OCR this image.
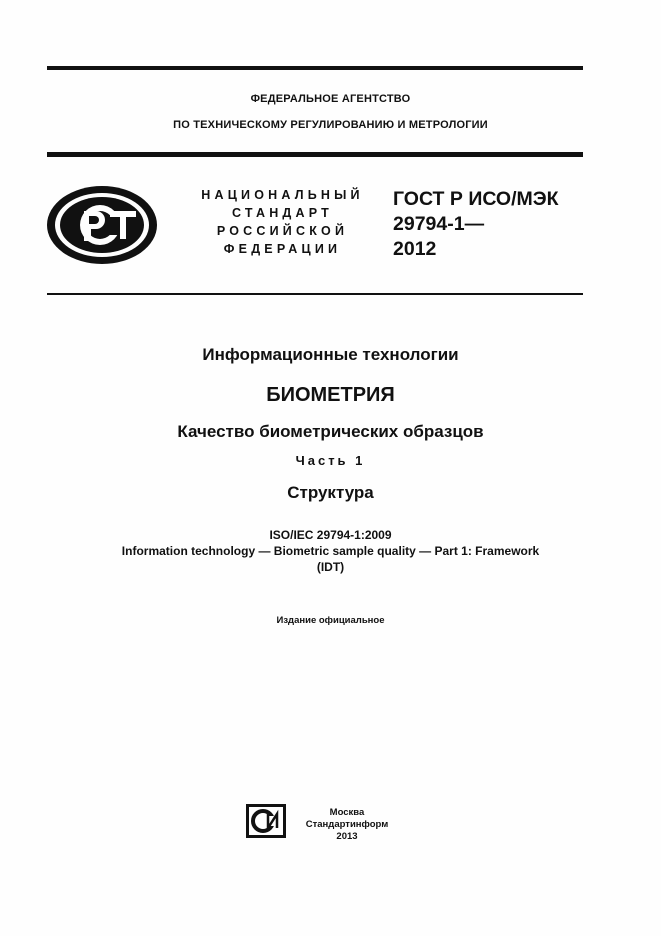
ФЕДЕРАЛЬНОЕ АГЕНТСТВО
ПО ТЕХНИЧЕСКОМУ РЕГУЛИРОВАНИЮ И МЕТРОЛОГИИ
НАЦИОНАЛЬНЫЙ
СТАНДАРТ
РОССИЙСКОЙ
ФЕДЕРАЦИИ
ГОСТ Р ИСО/МЭК
29794-1—
2012
Информационные технологии
БИОМЕТРИЯ
Качество биометрических образцов
Часть 1
Структура
ISO/IEC 29794-1:2009
Information technology — Biometric sample quality — Part 1: Framework
(IDT)
Издание официальное
Москва
Стандартинформ
2013
